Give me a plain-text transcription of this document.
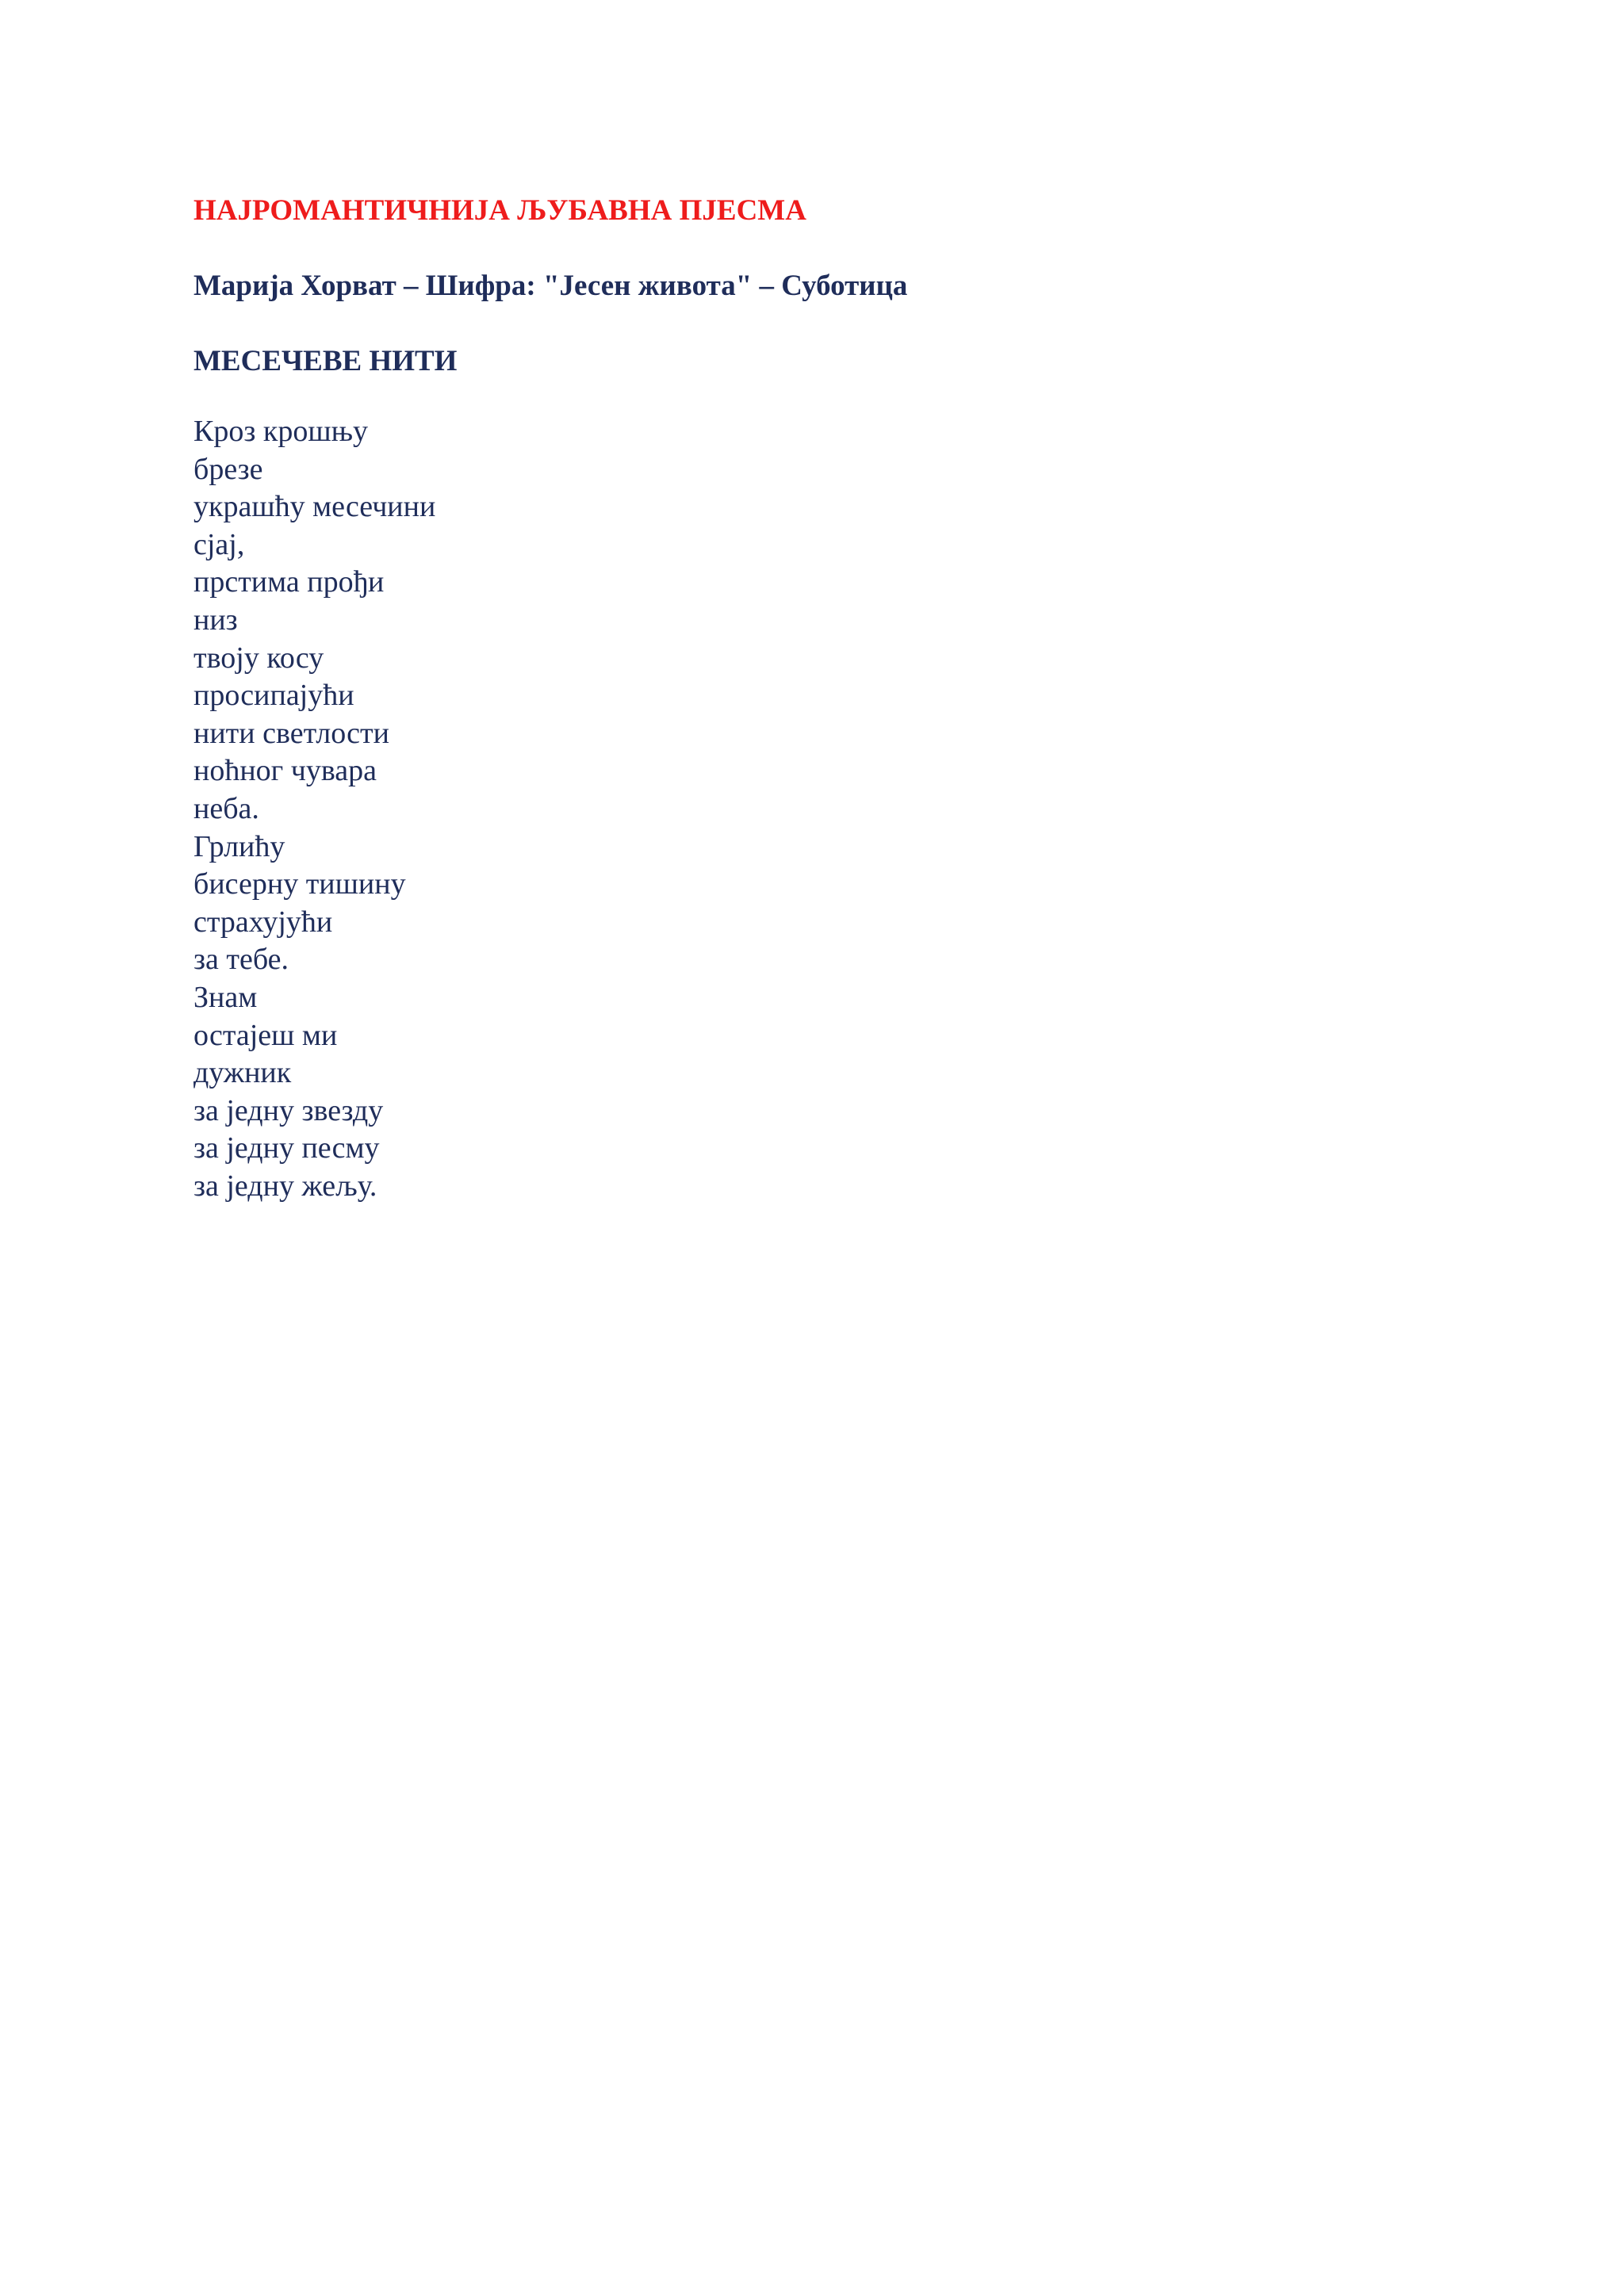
НАЈРОМАНТИЧНИЈА ЉУБАВНА ПЈЕСМА
Марија Хорват – Шифра: "Јесен живота" – Суботица
МЕСЕЧЕВЕ НИТИ
Кроз крошњу
брезе
украшћу месечини
сјај,
прстима прођи
низ
твоју косу
просипајући
нити светлости
ноћног чувара
неба.
Грлићу
бисерну тишину
страхујући
за тебе.
Знам
остајеш ми
дужник
за једну звезду
за једну песму
за једну жељу.
